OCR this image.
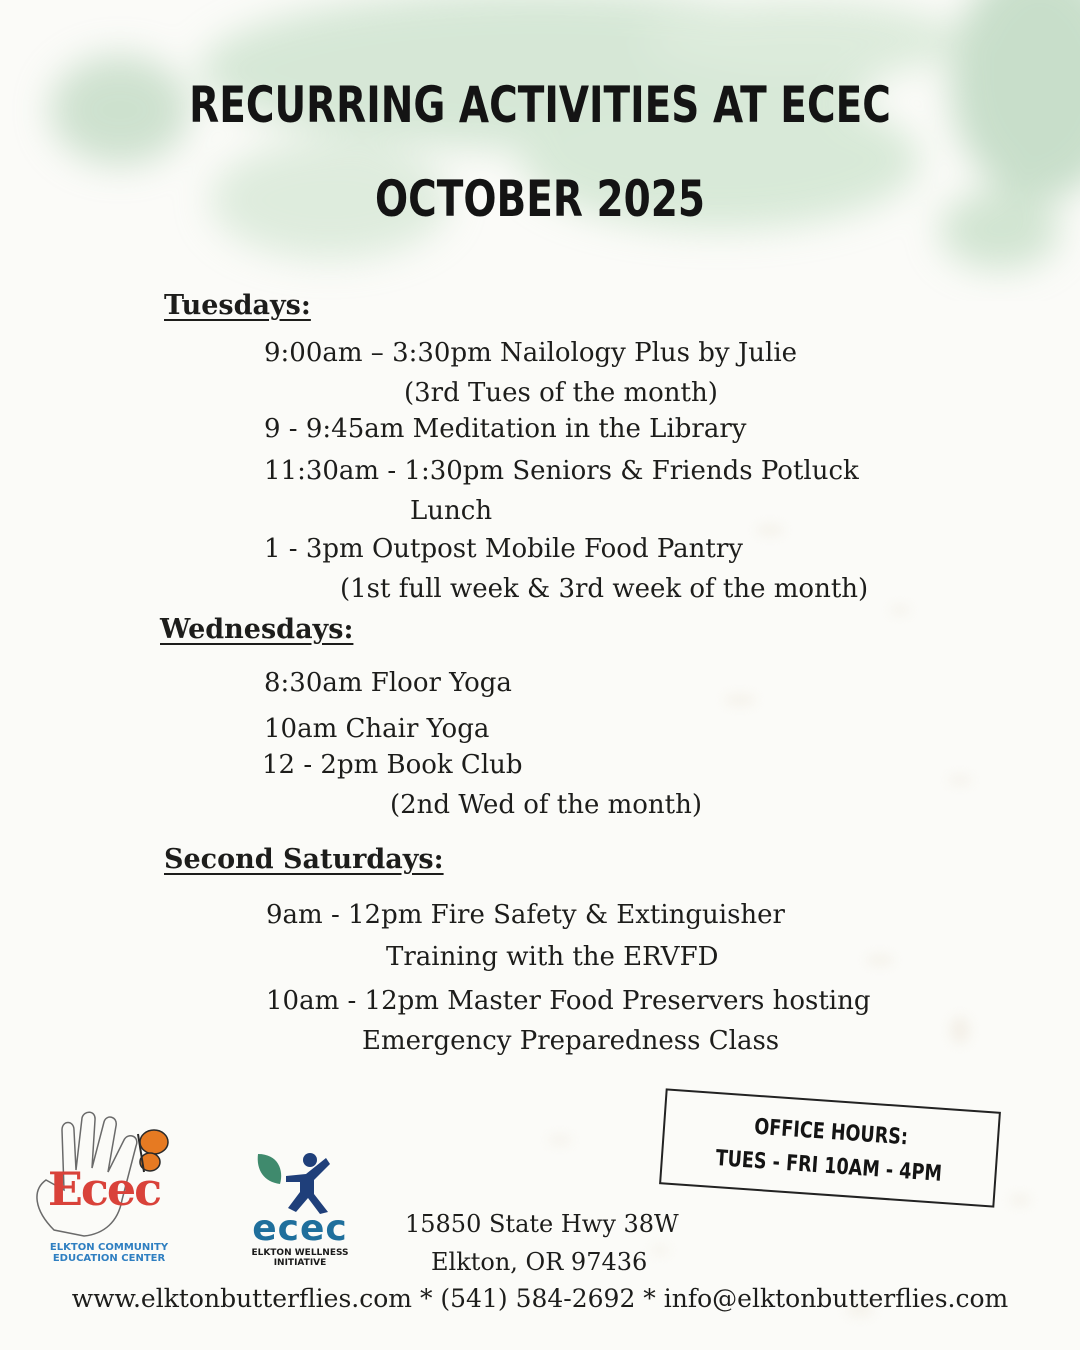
RECURRING ACTIVITIES AT ECEC
OCTOBER 2025
Tuesdays:
9:00am – 3:30pm Nailology Plus by Julie
(3rd Tues of the month)
9 - 9:45am Meditation in the Library
11:30am - 1:30pm Seniors & Friends Potluck
Lunch
1 - 3pm Outpost Mobile Food Pantry
(1st full week & 3rd week of the month)
Wednesdays:
8:30am Floor Yoga
10am Chair Yoga
12 - 2pm Book Club
(2nd Wed of the month)
Second Saturdays:
9am - 12pm Fire Safety & Extinguisher
Training with the ERVFD
10am - 12pm Master Food Preservers hosting
Emergency Preparedness Class
OFFICE HOURS:
TUES - FRI 10AM - 4PM
Ecec
ELKTON COMMUNITY
EDUCATION CENTER
ecec
ELKTON WELLNESS
INITIATIVE
15850 State Hwy 38W
Elkton, OR 97436
www.elktonbutterflies.com * (541) 584-2692 * info@elktonbutterflies.com
